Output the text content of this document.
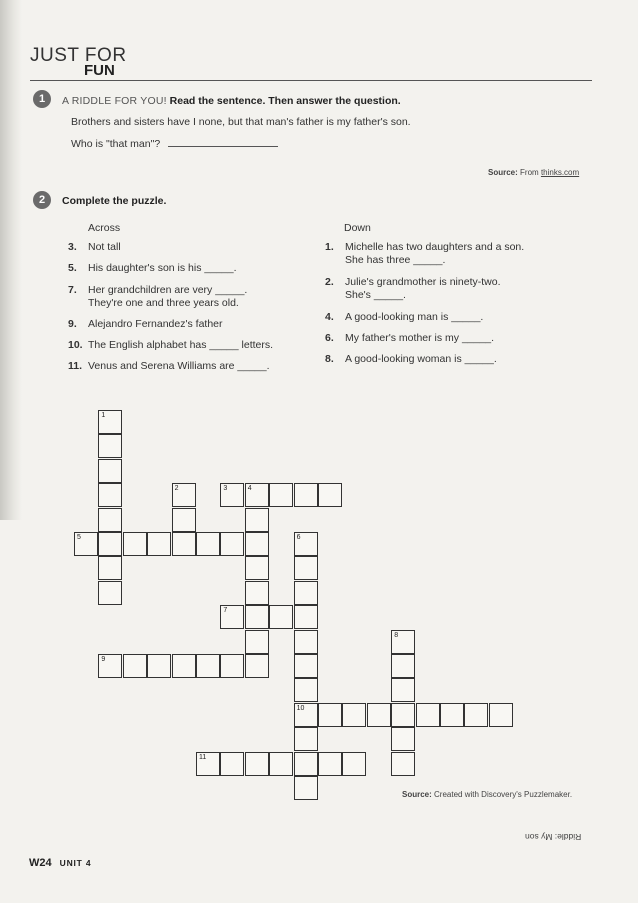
JUST FOR
FUN
1	A RIDDLE FOR YOU! Read the sentence. Then answer the question.
Brothers and sisters have I none, but that man's father is my father's son.
Who is "that man"?
Source: From thinks.com
2	Complete the puzzle.
Across	Down
3. Not tall
5. His daughter's son is his _____.
7. Her grandchildren are very _____.
They're one and three years old.
9. Alejandro Fernandez's father
10. The English alphabet has _____ letters.
11. Venus and Serena Williams are _____.
1. Michelle has two daughters and a son.
She has three _____.
2. Julie's grandmother is ninety-two.
She's _____.
4. A good-looking man is _____.
6. My father's mother is my _____.
8. A good-looking woman is _____.
1
2	3	4
5	6
7
8
9
10
11
Source: Created with Discovery's Puzzlemaker.
Riddle: My son
W24 UNIT 4
